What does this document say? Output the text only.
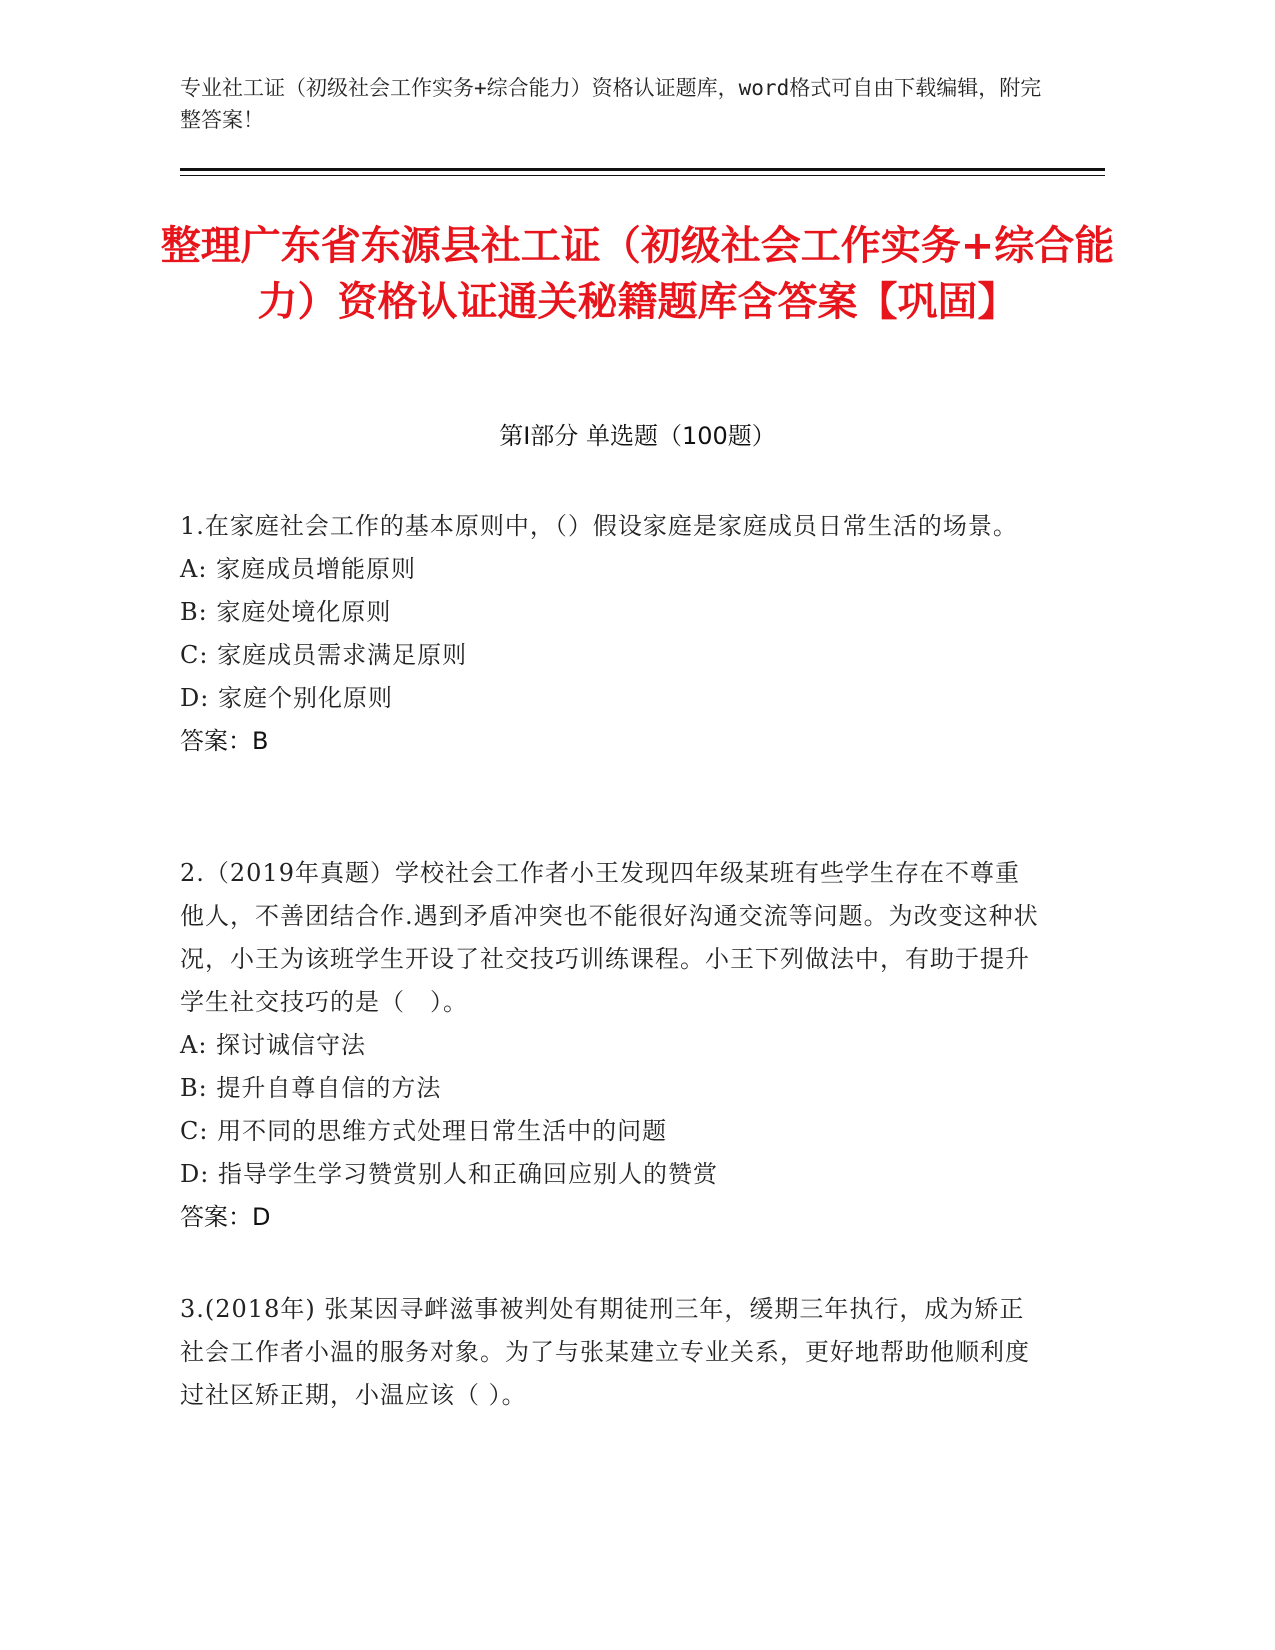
专业社工证（初级社会工作实务+综合能力）资格认证题库，word格式可自由下载编辑，附完整答案！
整理广东省东源县社工证（初级社会工作实务+综合能力）资格认证通关秘籍题库含答案【巩固】
第Ⅰ部分 单选题（100题）
1.在家庭社会工作的基本原则中，（）假设家庭是家庭成员日常生活的场景。
A: 家庭成员增能原则
B: 家庭处境化原则
C: 家庭成员需求满足原则
D: 家庭个别化原则
答案：B
2.（2019年真题）学校社会工作者小王发现四年级某班有些学生存在不尊重他人，不善团结合作.遇到矛盾冲突也不能很好沟通交流等问题。为改变这种状况，小王为该班学生开设了社交技巧训练课程。小王下列做法中，有助于提升学生社交技巧的是（　）。
A: 探讨诚信守法
B: 提升自尊自信的方法
C: 用不同的思维方式处理日常生活中的问题
D: 指导学生学习赞赏别人和正确回应别人的赞赏
答案：D
3.(2018年) 张某因寻衅滋事被判处有期徒刑三年，缓期三年执行，成为矫正社会工作者小温的服务对象。为了与张某建立专业关系，更好地帮助他顺利度过社区矫正期，小温应该（ ）。
